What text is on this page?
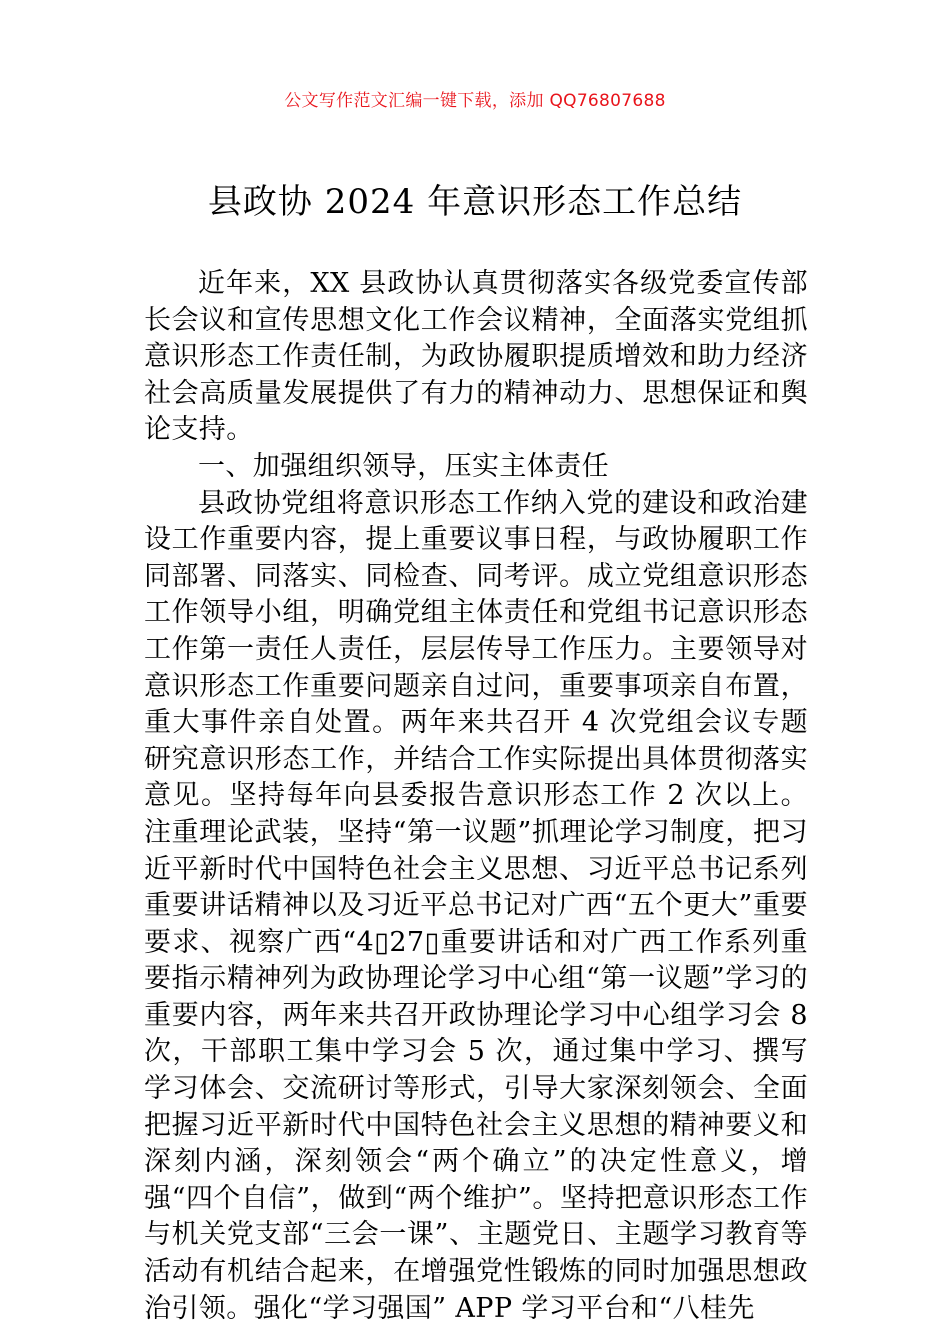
公文写作范文汇编一键下载，添加 QQ76807688
县政协 2024 年意识形态工作总结

近年来，XX 县政协认真贯彻落实各级党委宣传部长会议和宣传思想文化工作会议精神，全面落实党组抓意识形态工作责任制，为政协履职提质增效和助力经济社会高质量发展提供了有力的精神动力、思想保证和舆论支持。

一、加强组织领导，压实主体责任

县政协党组将意识形态工作纳入党的建设和政治建设工作重要内容，提上重要议事日程，与政协履职工作同部署、同落实、同检查、同考评。成立党组意识形态工作领导小组，明确党组主体责任和党组书记意识形态工作第一责任人责任，层层传导工作压力。主要领导对意识形态工作重要问题亲自过问，重要事项亲自布置，重大事件亲自处置。两年来共召开 4 次党组会议专题研究意识形态工作，并结合工作实际提出具体贯彻落实意见。坚持每年向县委报告意识形态工作 2 次以上。注重理论武装，坚持“第一议题”抓理论学习制度，把习近平新时代中国特色社会主义思想、习近平总书记系列重要讲话精神以及习近平总书记对广西“五个更大”重要要求、视察广西“4▯27▯重要讲话和对广西工作系列重要指示精神列为政协理论学习中心组“第一议题”学习的重要内容，两年来共召开政协理论学习中心组学习会 8 次，干部职工集中学习会 5 次，通过集中学习、撰写学习体会、交流研讨等形式，引导大家深刻领会、全面把握习近平新时代中国特色社会主义思想的精神要义和深刻内涵，深刻领会“两个确立”的决定性意义，增强“四个自信”，做到“两个维护”。坚持把意识形态工作与机关党支部“三会一课”、主题党日、主题学习教育等活动有机结合起来，在增强党性锻炼的同时加强思想政治引领。强化“学习强国” APP 学习平台和“八桂先
